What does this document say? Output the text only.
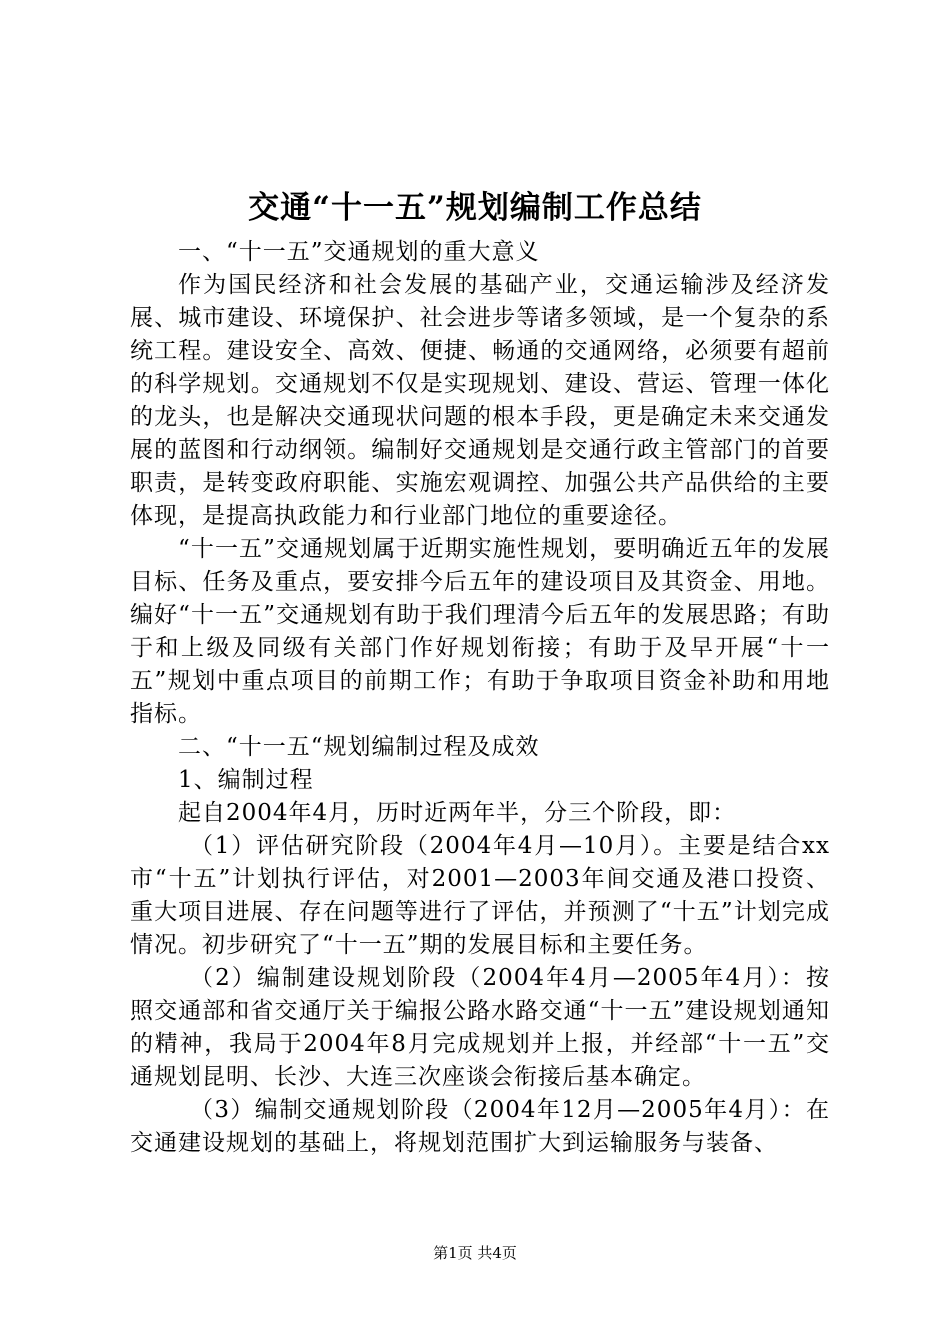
交通“十一五”规划编制工作总结

一、“十一五”交通规划的重大意义

作为国民经济和社会发展的基础产业，交通运输涉及经济发展、城市建设、环境保护、社会进步等诸多领域，是一个复杂的系统工程。建设安全、高效、便捷、畅通的交通网络，必须要有超前的科学规划。交通规划不仅是实现规划、建设、营运、管理一体化的龙头，也是解决交通现状问题的根本手段，更是确定未来交通发展的蓝图和行动纲领。编制好交通规划是交通行政主管部门的首要职责，是转变政府职能、实施宏观调控、加强公共产品供给的主要体现，是提高执政能力和行业部门地位的重要途径。

“十一五”交通规划属于近期实施性规划，要明确近五年的发展目标、任务及重点，要安排今后五年的建设项目及其资金、用地。编好“十一五”交通规划有助于我们理清今后五年的发展思路；有助于和上级及同级有关部门作好规划衔接；有助于及早开展“十一五”规划中重点项目的前期工作；有助于争取项目资金补助和用地指标。

二、“十一五“规划编制过程及成效

1、编制过程

起自2004年4月，历时近两年半，分三个阶段，即：

（1）评估研究阶段（2004年4月—10月）。主要是结合xx市“十五”计划执行评估，对2001—2003年间交通及港口投资、重大项目进展、存在问题等进行了评估，并预测了“十五”计划完成情况。初步研究了“十一五”期的发展目标和主要任务。

（2）编制建设规划阶段（2004年4月—2005年4月）：按照交通部和省交通厅关于编报公路水路交通“十一五”建设规划通知的精神，我局于2004年8月完成规划并上报，并经部“十一五”交通规划昆明、长沙、大连三次座谈会衔接后基本确定。

（3）编制交通规划阶段（2004年12月—2005年4月）：在交通建设规划的基础上，将规划范围扩大到运输服务与装备、

第1页 共4页
